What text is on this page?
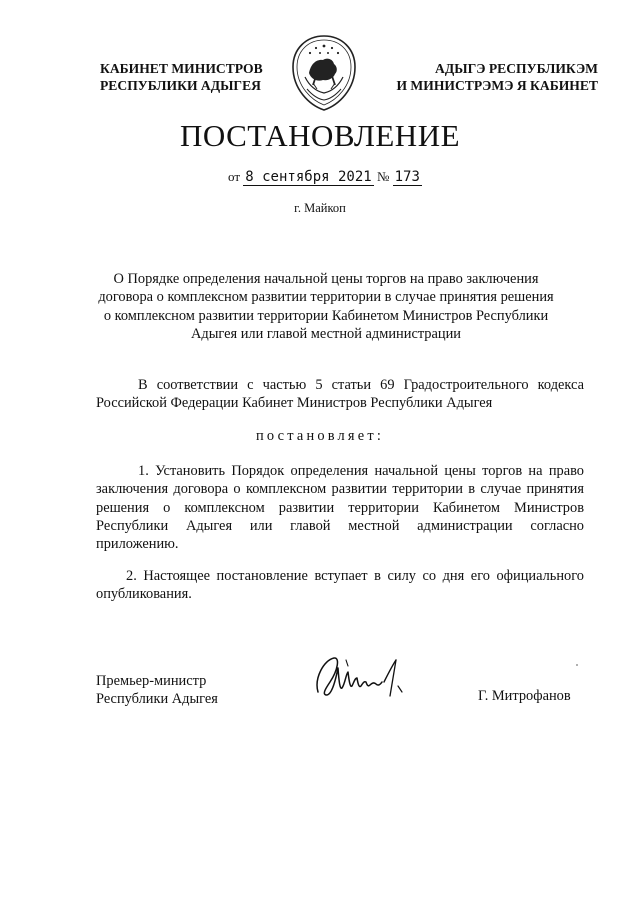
КАБИНЕТ МИНИСТРОВ
РЕСПУБЛИКИ АДЫГЕЯ
АДЫГЭ РЕСПУБЛИКЭМ
И МИНИСТРЭМЭ Я КАБИНЕТ
ПОСТАНОВЛЕНИЕ
от 8 сентября 2021 № 173
г. Майкоп
О Порядке определения начальной цены торгов на право заключения договора о комплексном развитии территории в случае принятия решения о комплексном развитии территории Кабинетом Министров Республики Адыгея или главой местной администрации
В соответствии с частью 5 статьи 69 Градостроительного кодекса Российской Федерации Кабинет Министров Республики Адыгея
постановляет:
1. Установить Порядок определения начальной цены торгов на право заключения договора о комплексном развитии территории в случае принятия решения о комплексном развитии территории Кабинетом Министров Республики Адыгея или главой местной администрации согласно приложению.
2. Настоящее постановление вступает в силу со дня его официального опубликования.
Премьер-министр
Республики Адыгея	Г. Митрофанов
